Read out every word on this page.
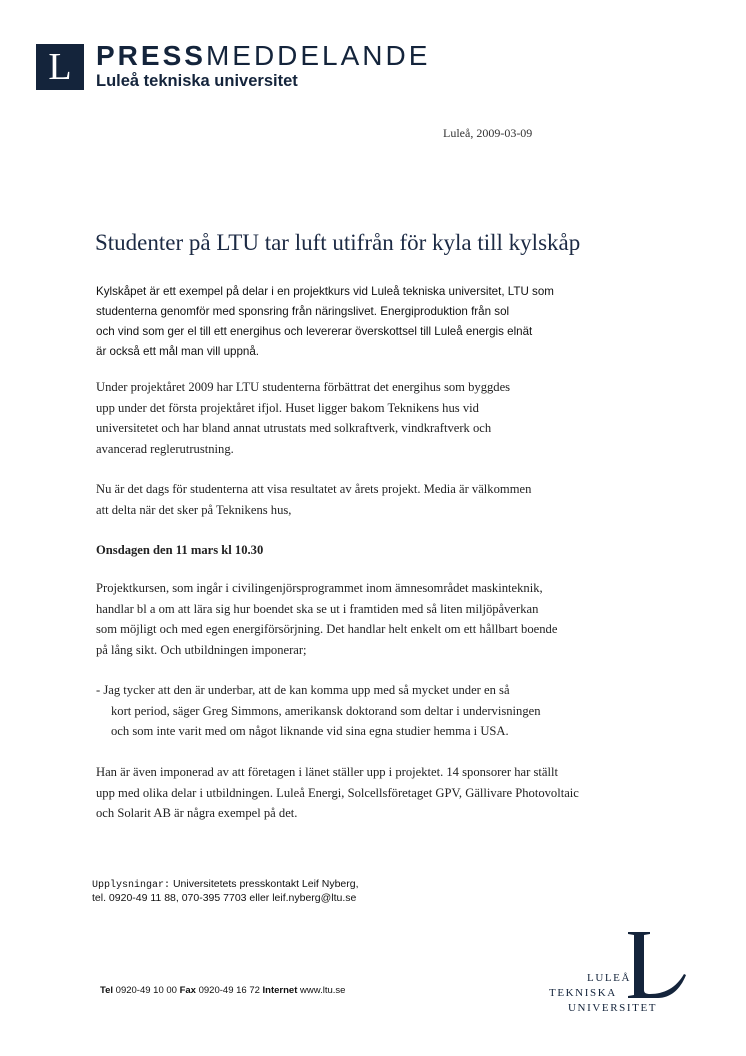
L PRESSMEDDELANDE
Luleå tekniska universitet
Luleå, 2009-03-09
Studenter på LTU tar luft utifrån för kyla till kylskåp
Kylskåpet är ett exempel på delar i en projektkurs vid Luleå tekniska universitet, LTU som
studenterna genomför med sponsring från näringslivet. Energiproduktion från sol
och vind som ger el till ett energihus och levererar överskottsel till Luleå energis elnät
är också ett mål man vill uppnå.
Under projektåret 2009 har LTU studenterna förbättrat det energihus som byggdes
upp under det första projektåret ifjol. Huset ligger bakom Teknikens hus vid
universitetet och har bland annat utrustats med solkraftverk, vindkraftverk och
avancerad reglerutrustning.
Nu är det dags för studenterna att visa resultatet av årets projekt. Media är välkommen
att delta när det sker på Teknikens hus,
Onsdagen den 11 mars kl 10.30
Projektkursen, som ingår i civilingenjörsprogrammet inom ämnesområdet maskinteknik,
handlar bl a om att lära sig hur boendet ska se ut i framtiden med så liten miljöpåverkan
som möjligt och med egen energiförsörjning. Det handlar helt enkelt om ett hållbart boende
på lång sikt. Och utbildningen imponerar;
- Jag tycker att den är underbar, att de kan komma upp med så mycket under en så
kort period, säger Greg Simmons, amerikansk doktorand som deltar i undervisningen
och som inte varit med om något liknande vid sina egna studier hemma i USA.
Han är även imponerad av att företagen i länet ställer upp i projektet. 14 sponsorer har ställt
upp med olika delar i utbildningen. Luleå Energi, Solcellsföretaget GPV, Gällivare Photovoltaic
och Solarit AB är några exempel på det.
Upplysningar: Universitetets presskontakt Leif Nyberg,
tel. 0920-49 11 88, 070-395 7703 eller leif.nyberg@ltu.se
Tel 0920-49 10 00 Fax 0920-49 16 72 Internet www.ltu.se
LULEÅ
TEKNISKA
UNIVERSITET
